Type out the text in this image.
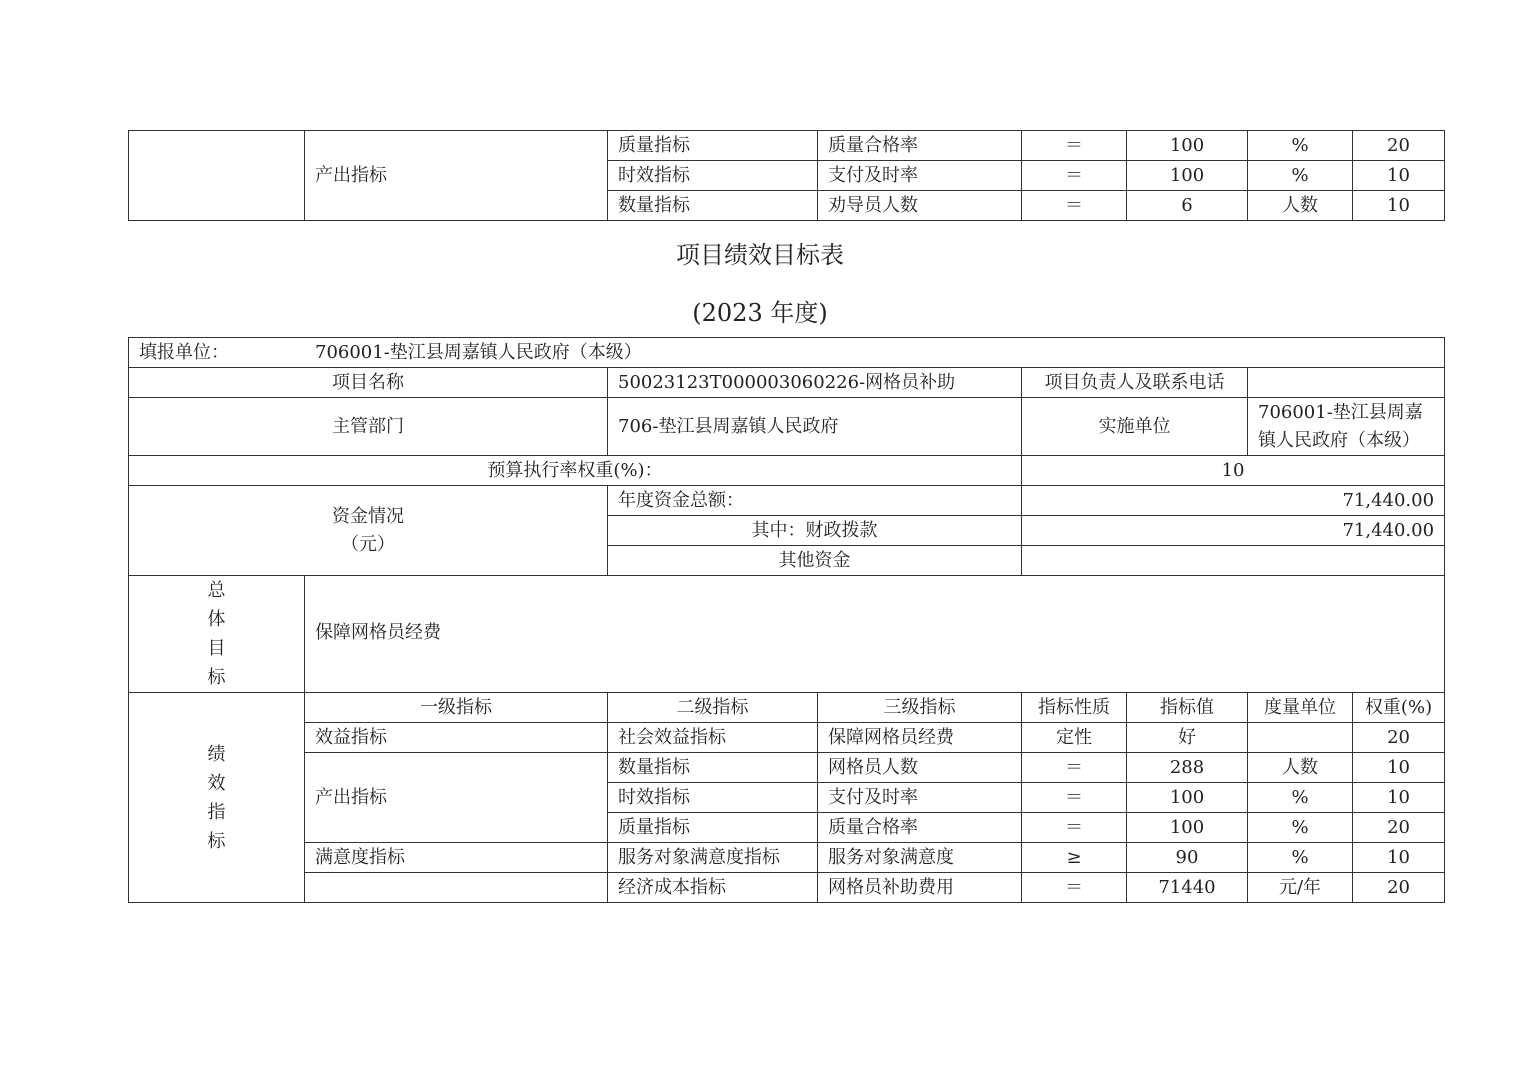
	产出指标	质量指标	质量合格率	＝	100	%	20
		时效指标	支付及时率	＝	100	%	10
		数量指标	劝导员人数	＝	6	人数	10
项目绩效目标表
(2023 年度)
填报单位： 706001-垫江县周嘉镇人民政府（本级）							
项目名称		50023123T000003060226-网格员补助		项目负责人及联系电话			
主管部门		706-垫江县周嘉镇人民政府		实施单位		706001-垫江县周嘉镇人民政府（本级）	
预算执行率权重(%)：				10			

资金情况
（元）		年度资金总额：		71,440.00			
		其中：财政拨款		71,440.00			
		其他资金					

总
体
目
标	保障网格员经费						

绩
效
指
标	一级指标	二级指标	三级指标	指标性质	指标值	度量单位	权重(%)
	效益指标	社会效益指标	保障网格员经费	定性	好		20
	产出指标	数量指标	网格员人数	＝	288	人数	10
		时效指标	支付及时率	＝	100	%	10
		质量指标	质量合格率	＝	100	%	20
	满意度指标	服务对象满意度指标	服务对象满意度	≥	90	%	10
		经济成本指标	网格员补助费用	＝	71440	元/年	20
